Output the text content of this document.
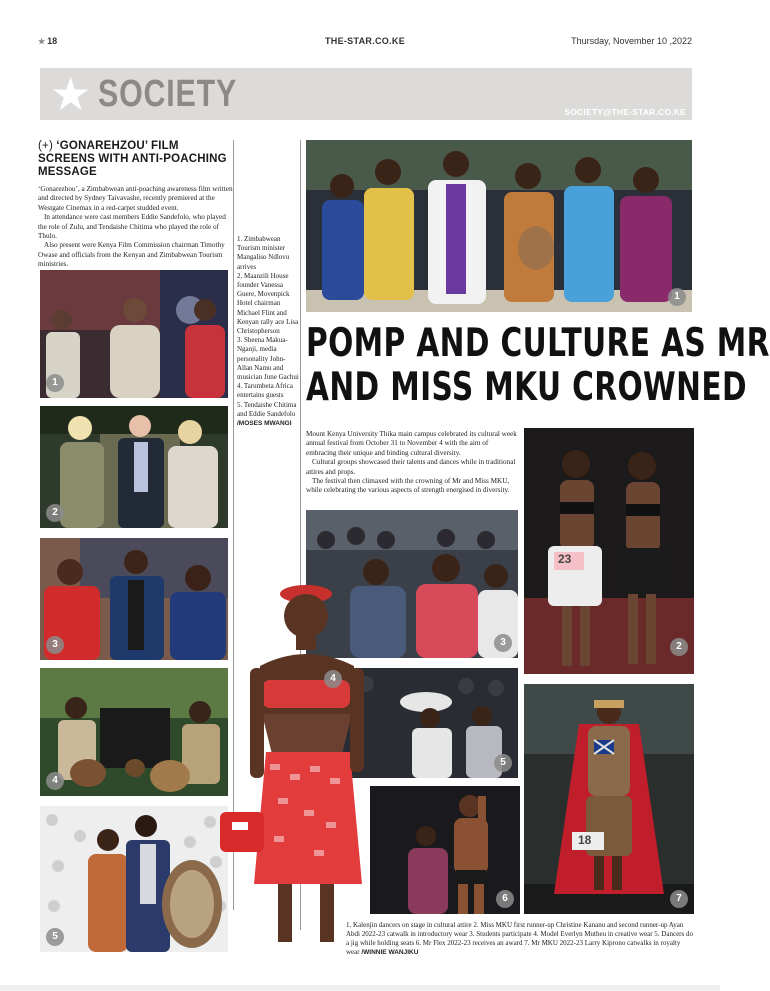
★ 18	THE-STAR.CO.KE	Thursday, November 10 ,2022
★ SOCIETY	SOCIETY@THE-STAR.CO.KE
(+) ‘GONAREHZOU’ FILM SCREENS WITH ANTI-POACHING MESSAGE

‘Gonarezhou’, a Zimbabwean anti-poaching awareness film written and directed by Sydney Taivavashe, recently premiered at the Westgate Cinemax in a red-carpet studded event.

In attendance were cast members Eddie Sandefolo, who played the role of Zulu, and Tendaishe Chitima who played the role of Thulo.

Also present were Kenya Film Commission chairman Timothy Owase and officials from the Kenyan and Zimbabwean Tourism ministries.

1
2
3
4
5
1. Zimbabwean Tourism minister Mangaliso Ndlovu arrives
2. Maanzili House founder Vanessa Guere, Movenpick Hotel chairman Michael Flint and Kenyan rally ace Lisa Christopherson
3. Sheena Makua- Nganji, media personality John-Allan Namu and musician June Gachui
4. Tarumbeta Africa entertains guests
5. Tendaishe Chitima and Eddie Sandefolo
/MOSES MWANGI
1
POMP AND CULTURE AS MR
AND MISS MKU CROWNED

Mount Kenya University Thika main campus celebrated its cultural week annual festival from October 31 to November 4 with the aim of embracing their unique and binding cultural diversity.

Cultural groups showcased their talents and dances while in traditional attires and props.

The festival then climaxed with the crowning of Mr and Miss MKU, while celebrating the various aspects of strength energised in diversity.

3
23
2
5
6
18
7
4
1. Kalenjin dancers on stage in cultural attire 2. Miss MKU first runner-up Christine Kananu and second runner-up Ayan Abdi 2022-23 catwalk in introductory wear 3. Students participate 4. Model Everlyn Mutheu in creative wear 5. Dancers do a jig while holding seats 6. Mr Flex 2022-23 receives an award 7. Mr MKU 2022-23 Larry Kiprono catwalks in royalty wear /WINNIE WANJIKU
